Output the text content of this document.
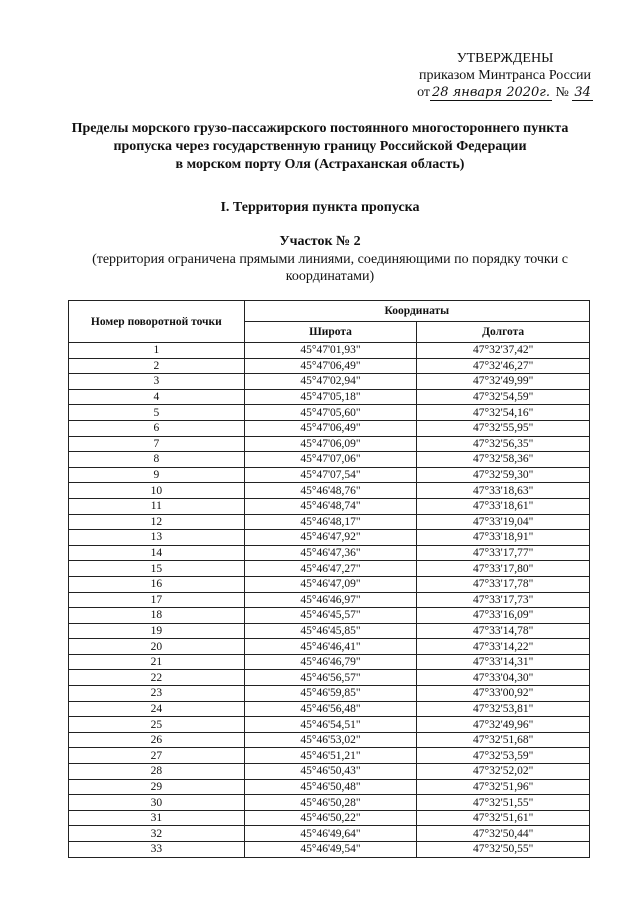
УТВЕРЖДЕНЫ
приказом Минтранса России
от 28 января 2020г. № 34
Пределы морского грузо-пассажирского постоянного многостороннего пункта
пропуска через государственную границу Российской Федерации
в морском порту Оля (Астраханская область)
I. Территория пункта пропуска
Участок № 2
(территория ограничена прямыми линиями, соединяющими по порядку точки с координатами)
Номер поворотной точки	Координаты	
	Широта	Долгота
1	45°47'01,93"	47°32'37,42"
2	45°47'06,49"	47°32'46,27"
3	45°47'02,94"	47°32'49,99"
4	45°47'05,18"	47°32'54,59"
5	45°47'05,60"	47°32'54,16"
6	45°47'06,49"	47°32'55,95"
7	45°47'06,09"	47°32'56,35"
8	45°47'07,06"	47°32'58,36"
9	45°47'07,54"	47°32'59,30"
10	45°46'48,76"	47°33'18,63"
11	45°46'48,74"	47°33'18,61"
12	45°46'48,17"	47°33'19,04"
13	45°46'47,92"	47°33'18,91"
14	45°46'47,36"	47°33'17,77"
15	45°46'47,27"	47°33'17,80"
16	45°46'47,09"	47°33'17,78"
17	45°46'46,97"	47°33'17,73"
18	45°46'45,57"	47°33'16,09"
19	45°46'45,85"	47°33'14,78"
20	45°46'46,41"	47°33'14,22"
21	45°46'46,79"	47°33'14,31"
22	45°46'56,57"	47°33'04,30"
23	45°46'59,85"	47°33'00,92"
24	45°46'56,48"	47°32'53,81"
25	45°46'54,51"	47°32'49,96"
26	45°46'53,02"	47°32'51,68"
27	45°46'51,21"	47°32'53,59"
28	45°46'50,43"	47°32'52,02"
29	45°46'50,48"	47°32'51,96"
30	45°46'50,28"	47°32'51,55"
31	45°46'50,22"	47°32'51,61"
32	45°46'49,64"	47°32'50,44"
33	45°46'49,54"	47°32'50,55"
